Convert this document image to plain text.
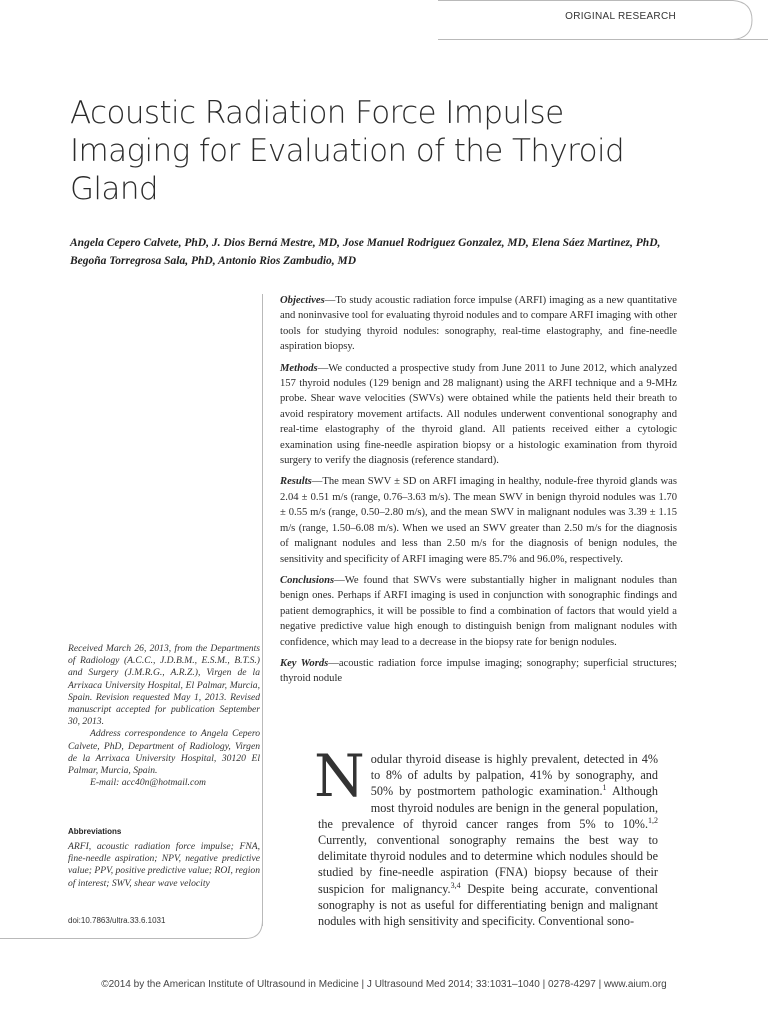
ORIGINAL RESEARCH
Acoustic Radiation Force Impulse Imaging for Evaluation of the Thyroid Gland
Angela Cepero Calvete, PhD, J. Dios Berná Mestre, MD, Jose Manuel Rodriguez Gonzalez, MD, Elena Sáez Martinez, PhD, Begoña Torregrosa Sala, PhD, Antonio Rios Zambudio, MD

Received March 26, 2013, from the Departments of Radiology (A.C.C., J.D.B.M., E.S.M., B.T.S.) and Surgery (J.M.R.G., A.R.Z.), Virgen de la Arrixaca University Hospital, El Palmar, Murcia, Spain. Revision requested May 1, 2013. Revised manuscript accepted for publication September 30, 2013.

Address correspondence to Angela Cepero Calvete, PhD, Department of Radiology, Virgen de la Arrixaca University Hospital, 30120 El Palmar, Murcia, Spain.

E-mail: acc40n@hotmail.com

Abbreviations
ARFI, acoustic radiation force impulse; FNA, fine-needle aspiration; NPV, negative predictive value; PPV, positive predictive value; ROI, region of interest; SWV, shear wave velocity
doi:10.7863/ultra.33.6.1031

Objectives—To study acoustic radiation force impulse (ARFI) imaging as a new quantitative and noninvasive tool for evaluating thyroid nodules and to compare ARFI imaging with other tools for studying thyroid nodules: sonography, real-time elastography, and fine-needle aspiration biopsy.

Methods—We conducted a prospective study from June 2011 to June 2012, which analyzed 157 thyroid nodules (129 benign and 28 malignant) using the ARFI technique and a 9-MHz probe. Shear wave velocities (SWVs) were obtained while the patients held their breath to avoid respiratory movement artifacts. All nodules underwent conventional sonography and real-time elastography of the thyroid gland. All patients received either a cytologic examination using fine-needle aspiration biopsy or a histologic examination from thyroid surgery to verify the diagnosis (reference standard).

Results—The mean SWV ± SD on ARFI imaging in healthy, nodule-free thyroid glands was 2.04 ± 0.51 m/s (range, 0.76–3.63 m/s). The mean SWV in benign thyroid nodules was 1.70 ± 0.55 m/s (range, 0.50–2.80 m/s), and the mean SWV in malignant nodules was 3.39 ± 1.15 m/s (range, 1.50–6.08 m/s). When we used an SWV greater than 2.50 m/s for the diagnosis of malignant nodules and less than 2.50 m/s for the diagnosis of benign nodules, the sensitivity and specificity of ARFI imaging were 85.7% and 96.0%, respectively.

Conclusions—We found that SWVs were substantially higher in malignant nodules than benign ones. Perhaps if ARFI imaging is used in conjunction with sonographic findings and patient demographics, it will be possible to find a combination of factors that would yield a negative predictive value high enough to distinguish benign from malignant nodules with confidence, which may lead to a decrease in the biopsy rate for benign nodules.

Key Words—acoustic radiation force impulse imaging; sonography; superficial structures; thyroid nodule

Nodular thyroid disease is highly prevalent, detected in 4% to 8% of adults by palpation, 41% by sonography, and 50% by postmortem pathologic examination.$^1$ Although most thyroid nodules are benign in the general population, the prevalence of thyroid cancer ranges from 5% to 10%.$^{1,2}$ Currently, conventional sonography remains the best way to delimitate thyroid nodules and to determine which nodules should be studied by fine-needle aspiration (FNA) biopsy because of their suspicion for malignancy.$^{3,4}$ Despite being accurate, conventional sonography is not as useful for differentiating benign and malignant nodules with high sensitivity and specificity. Conventional sono-

©2014 by the American Institute of Ultrasound in Medicine | J Ultrasound Med 2014; 33:1031–1040 | 0278-4297 | www.aium.org
